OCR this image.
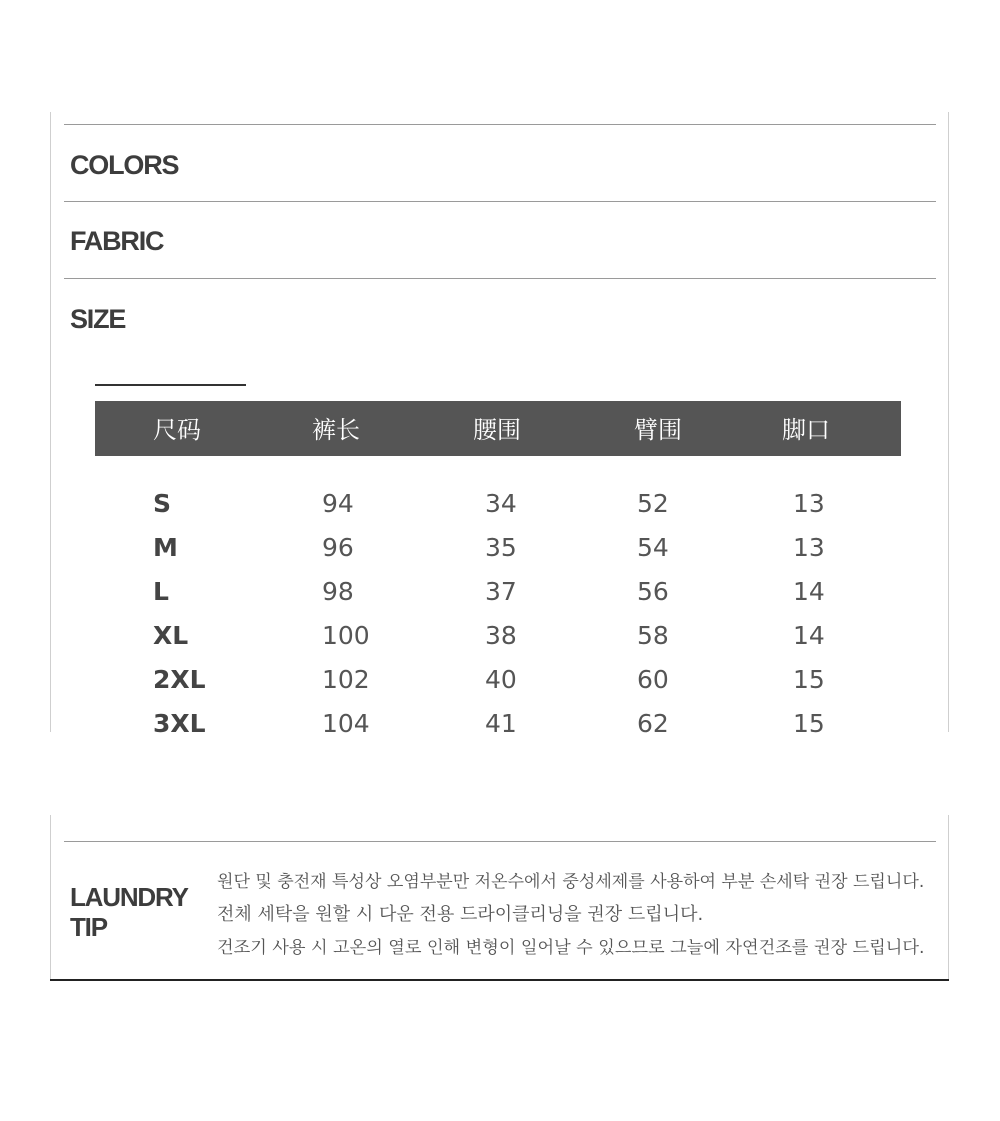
COLORS
FABRIC
SIZE
尺码	裤长	腰围	臂围	脚口
S	94	34	52	13
M	96	35	54	13
L	98	37	56	14
XL	100	38	58	14
2XL	102	40	60	15
3XL	104	41	62	15
LAUNDRY
TIP
원단 및 충전재 특성상 오염부분만 저온수에서 중성세제를 사용하여 부분 손세탁 권장 드립니다.
전체 세탁을 원할 시 다운 전용 드라이클리닝을 권장 드립니다.
건조기 사용 시 고온의 열로 인해 변형이 일어날 수 있으므로 그늘에 자연건조를 권장 드립니다.
